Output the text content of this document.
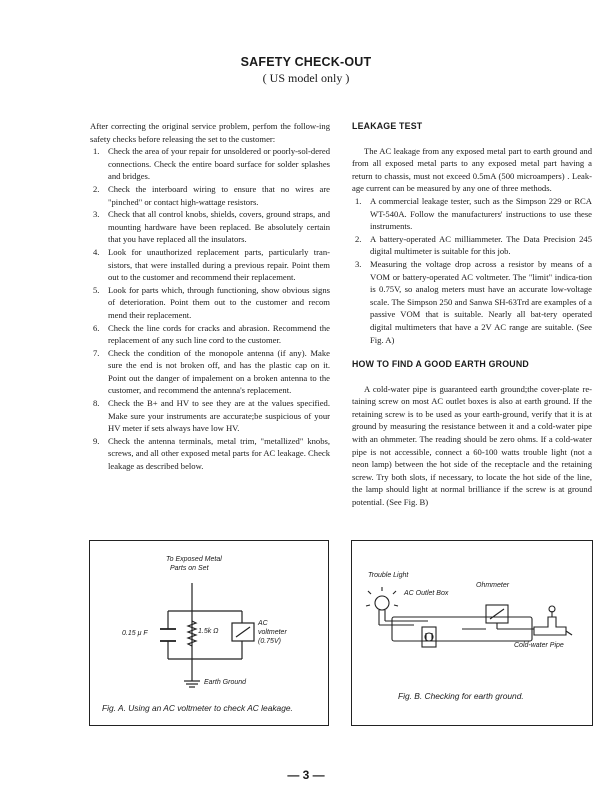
SAFETY CHECK-OUT
( US model only )

After correcting the original service problem, perfom the follow-ing safety checks before releasing the set to the customer:

1. Check the area of your repair for unsoldered or poorly-sol-dered connections. Check the entire board surface for solder splashes and bridges.
2. Check the interboard wiring to ensure that no wires are "pinched" or contact high-wattage resistors.
3. Check that all control knobs, shields, covers, ground straps, and mounting hardware have been replaced. Be absolutely certain that you have replaced all the insulators.
4. Look for unauthorized replacement parts, particularly tran-sistors, that were installed during a previous repair. Point them out to the customer and recommend their replacement.
5. Look for parts which, through functioning, show obvious signs of deterioration. Point them out to the customer and recom mend their replacement.
6. Check the line cords for cracks and abrasion. Recommend the replacement of any such line cord to the customer.
7. Check the condition of the monopole antenna (if any). Make sure the end is not broken off, and has the plastic cap on it. Point out the danger of impalement on a broken antenna to the customer, and recommend the antenna's replacement.
8. Check the B+ and HV to see they are at the values specified. Make sure your instruments are accurate;be suspicious of your HV meter if sets always have low HV.
9. Check the antenna terminals, metal trim, "metallized" knobs, screws, and all other exposed metal parts for AC leakage. Check leakage as described below.
LEAKAGE TEST

The AC leakage from any exposed metal part to earth ground and from all exposed metal parts to any exposed metal part having a return to chassis, must not exceed 0.5mA (500 microampers) . Leak-age current can be measured by any one of three methods.

1. A commercial leakage tester, such as the Simpson 229 or RCA WT-540A. Follow the manufacturers' instructions to use these instruments.
2. A battery-operated AC milliammeter. The Data Precision 245 digital multimeter is suitable for this job.
3. Measuring the voltage drop across a resistor by means of a VOM or battery-operated AC voltmeter. The "limit" indica-tion is 0.75V, so analog meters must have an accurate low-voltage scale. The Simpson 250 and Sanwa SH-63Trd are examples of a passive VOM that is suitable. Nearly all bat-tery operated digital multimeters that have a 2V AC range are suitable. (See Fig. A)
HOW TO FIND A GOOD EARTH GROUND

A cold-water pipe is guaranteed earth ground;the cover-plate re-taining screw on most AC outlet boxes is also at earth ground. If the retaining screw is to be used as your earth-ground, verify that it is at ground by measuring the resistance between it and a cold-water pipe with an ohmmeter. The reading should be zero ohms. If a cold-water pipe is not accessible, connect a 60-100 watts trouble light (not a neon lamp) between the hot side of the receptacle and the retaining screw. Try both slots, if necessary, to locate the hot side of the line, the lamp should light at normal brilliance if the screw is at ground potential. (See Fig. B)

To Exposed Metal
Parts on Set
0.15 μ F	1.5k Ω
AC
voltmeter
(0.75V)
Earth Ground
Fig. A. Using an AC voltmeter to check AC leakage.
Trouble Light
AC Outlet Box
Ohmmeter
Cold-water Pipe
Fig. B. Checking for earth ground.
— 3 —
